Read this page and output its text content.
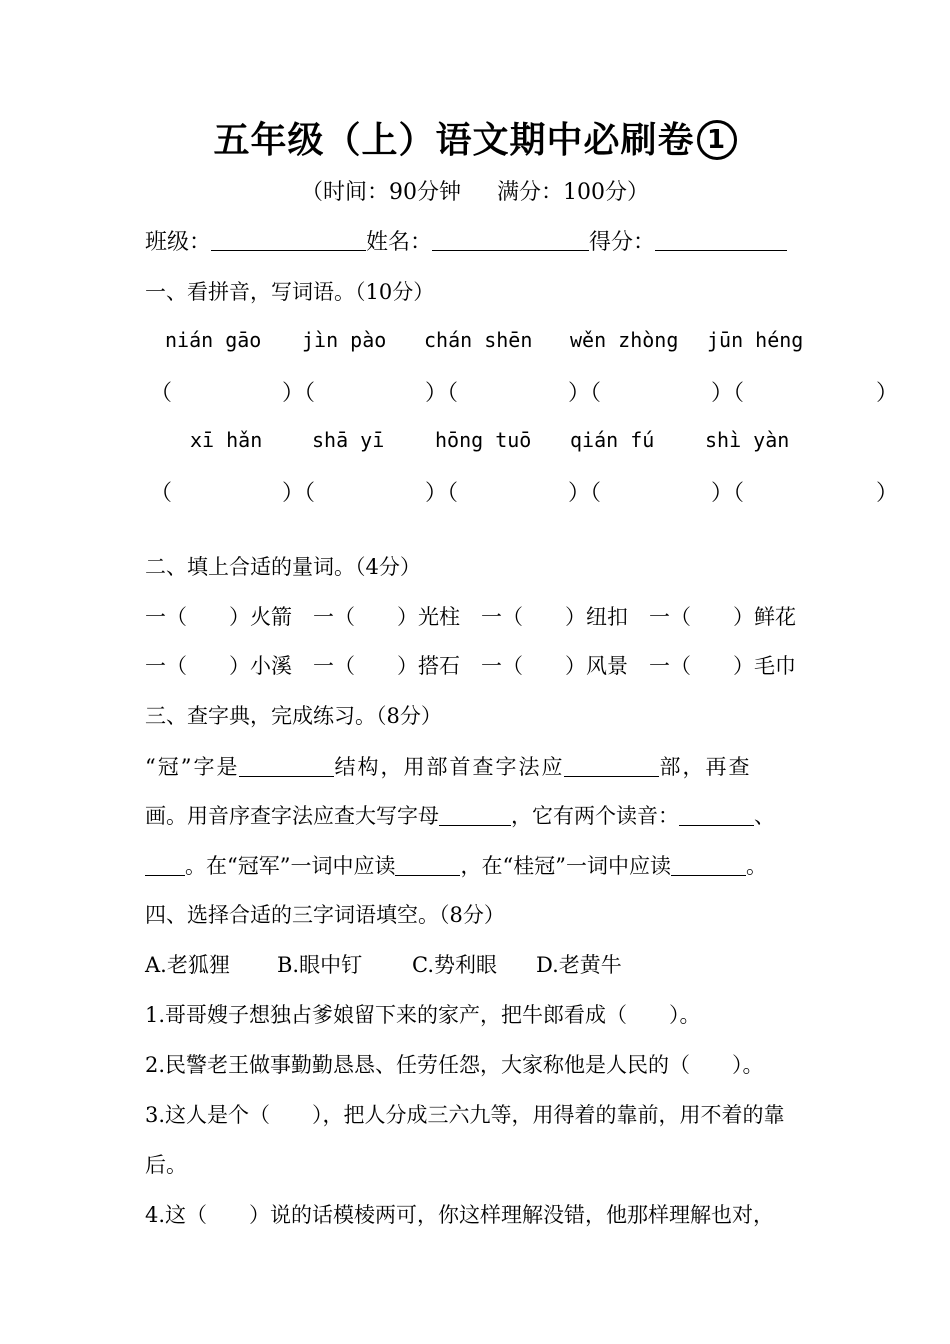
五年级（上）语文期中必刷卷 1
（时间：90分钟 满分：100分）
班级：	姓名：	得分：
一、看拼音，写词语。（10分）
nián gāo jìn pào chán shēn wěn zhòng jūn héng
（　　　　　）（　　　　　）（　　　　　）（　　　　　）（　　　　　　）
xī hǎn shā yī	hōng tuō qián fú	shì yàn
（　　　　　）（　　　　　）（　　　　　）（　　　　　）（　　　　　　）
二、填上合适的量词。（4分）
一（　　）火箭 一（　　）光柱 一（　　）纽扣 一（　　）鲜花
一（　　）小溪 一（　　）搭石 一（　　）风景 一（　　）毛巾
三、查字典，完成练习。（8分）
“冠”字是	结构，用部首查字法应	部，再查
画。用音序查字法应查大写字母	，它有两个读音：	、
。在“冠军”一词中应读	，在“桂冠”一词中应读	。
四、选择合适的三字词语填空。（8分）
A.老狐狸 B.眼中钉 C.势利眼 D.老黄牛
1.哥哥嫂子想独占爹娘留下来的家产，把牛郎看成（　　）。
2.民警老王做事勤勤恳恳、任劳任怨，大家称他是人民的（　　）。
3.这人是个（　　），把人分成三六九等，用得着的靠前，用不着的靠
后。
4.这（　　）说的话模棱两可，你这样理解没错，他那样理解也对，
